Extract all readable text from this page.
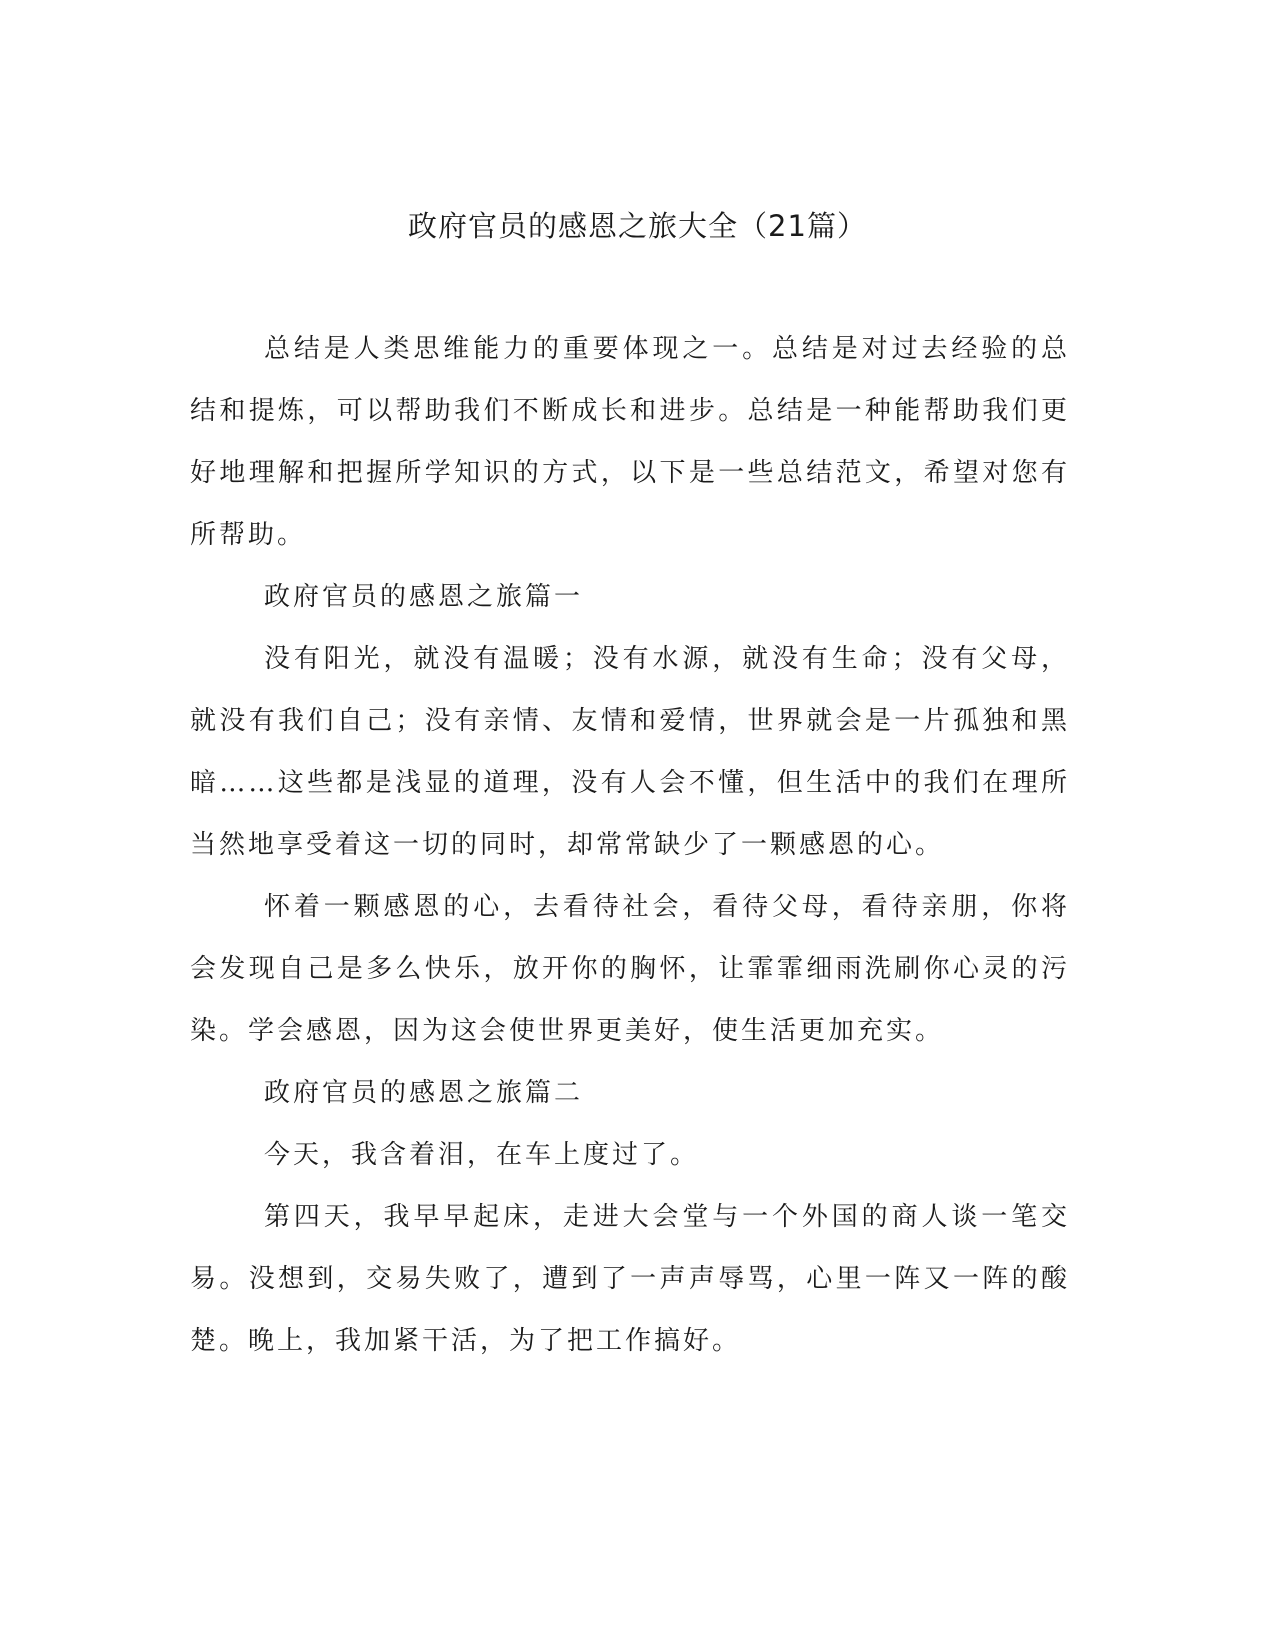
政府官员的感恩之旅大全（21篇）

总结是人类思维能力的重要体现之一。总结是对过去经验的总结和提炼，可以帮助我们不断成长和进步。总结是一种能帮助我们更好地理解和把握所学知识的方式，以下是一些总结范文，希望对您有所帮助。

政府官员的感恩之旅篇一

没有阳光，就没有温暖；没有水源，就没有生命；没有父母，就没有我们自己；没有亲情、友情和爱情，世界就会是一片孤独和黑暗……这些都是浅显的道理，没有人会不懂，但生活中的我们在理所当然地享受着这一切的同时，却常常缺少了一颗感恩的心。

怀着一颗感恩的心，去看待社会，看待父母，看待亲朋，你将会发现自己是多么快乐，放开你的胸怀，让霏霏细雨洗刷你心灵的污染。学会感恩，因为这会使世界更美好，使生活更加充实。

政府官员的感恩之旅篇二

今天，我含着泪，在车上度过了。

第四天，我早早起床，走进大会堂与一个外国的商人谈一笔交易。没想到，交易失败了，遭到了一声声辱骂，心里一阵又一阵的酸楚。晚上，我加紧干活，为了把工作搞好。
